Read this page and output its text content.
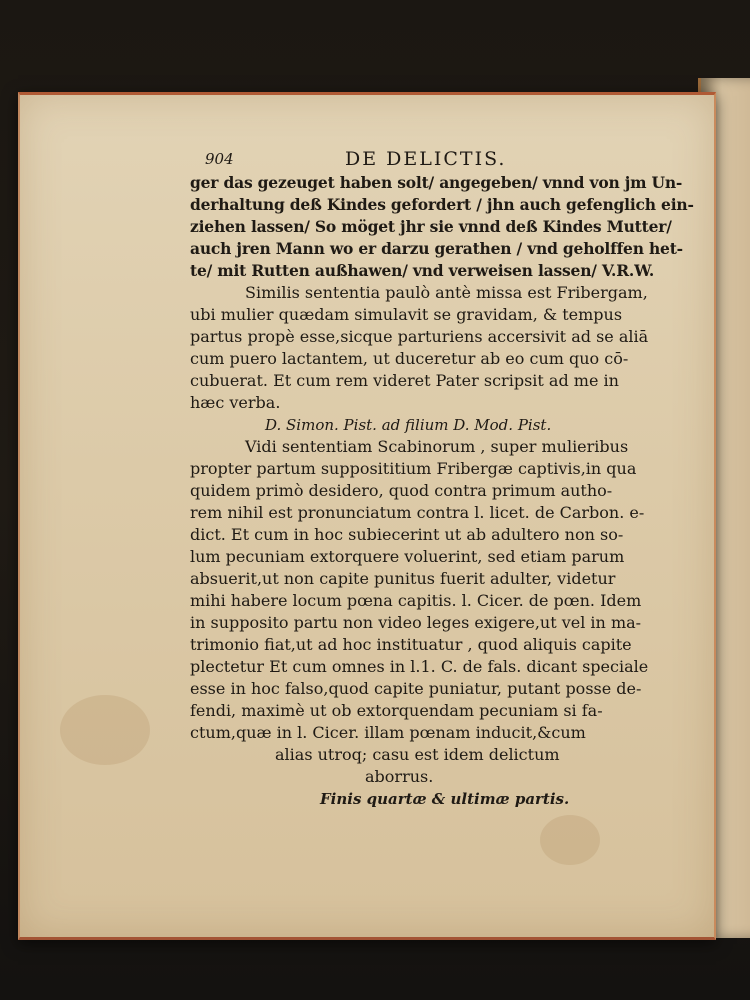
904	DE DELICTIS.
ger das gezeuget haben solt/ angegeben/ vnnd von jm Un-
derhaltung deß Kindes gefordert / jhn auch gefenglich ein-
ziehen lassen/ So möget jhr sie vnnd deß Kindes Mutter/
auch jren Mann wo er darzu gerathen / vnd geholffen het-
te/ mit Rutten außhawen/ vnd verweisen lassen/ V.R.W.
Similis sententia paulò antè missa est Fribergam,
ubi mulier quædam simulavit se gravidam, & tempus
partus propè esse,sicque parturiens accersivit ad se aliā
cum puero lactantem, ut duceretur ab eo cum quo cō-
cubuerat. Et cum rem videret Pater scripsit ad me in
hæc verba.
D. Simon. Pist. ad filium D. Mod. Pist.
Vidi sententiam Scabinorum , super mulieribus
propter partum supposititium Fribergæ captivis,in qua
quidem primò desidero, quod contra primum autho-
rem nihil est pronunciatum contra l. licet. de Carbon. e-
dict. Et cum in hoc subiecerint ut ab adultero non so-
lum pecuniam extorquere voluerint, sed etiam parum
absuerit,ut non capite punitus fuerit adulter, videtur
mihi habere locum pœna capitis. l. Cicer. de pœn. Idem
in supposito partu non video leges exigere,ut vel in ma-
trimonio fiat,ut ad hoc instituatur , quod aliquis capite
plectetur Et cum omnes in l.1. C. de fals. dicant speciale
esse in hoc falso,quod capite puniatur, putant posse de-
fendi, maximè ut ob extorquendam pecuniam si fa-
ctum,quæ in l. Cicer. illam pœnam inducit,&cum
alias utroq; casu est idem delictum
aborrus.
Finis quartæ & ultimæ partis.
